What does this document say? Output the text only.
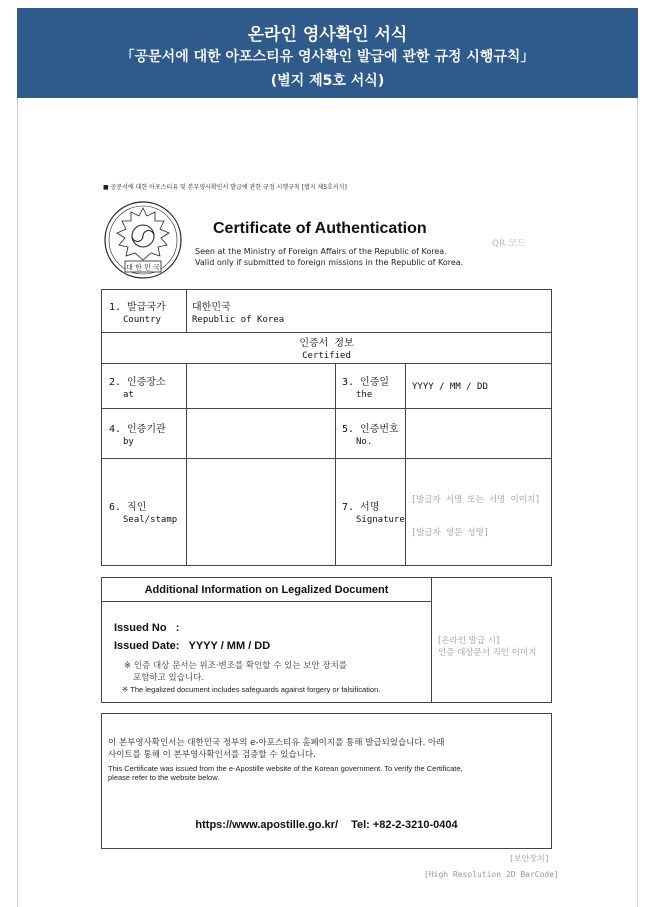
온라인 영사확인 서식
「공문서에 대한 아포스티유 영사확인 발급에 관한 규정 시행규칙」
(별지 제5호 서식)
■ 공문서에 대한 아포스티유 및 본부영사확인서 발급에 관한 규정 시행규칙 [별지 제5호서식]
대 한 민 국
Certificate of Authentication
Seen at the Ministry of Foreign Affairs of the Republic of Korea.
Valid only if submitted to foreign missions in the Republic of Korea.
QR 코드
1. 발급국가
Country
대한민국
Republic of Korea
인증서 정보
Certified
2. 인증장소
at
3. 인증일
the
YYYY / MM / DD
4. 인증기관
by
5. 인증번호
No.
6. 직인
Seal/stamp
7. 서명
Signature
[발급자 서명 또는 서명 이미지]
[발급자 영문 성명]
Additional Information on Legalized Document
Issued No   :
Issued Date: YYYY / MM / DD
※ 인증 대상 문서는 위조·변조를 확인할 수 있는 보안 장치를
포함하고 있습니다.
※ The legalized document includes safeguards against forgery or falsification.
[온라인 발급 시]
인증 대상문서 직인 이미지
이 본부영사확인서는 대한민국 정부의 e-아포스티유 홈페이지를 통해 발급되었습니다. 아래
사이트를 통해 이 본부영사확인서를 검증할 수 있습니다.
This Certificate was issued from the e-Apostille website of the Korean government. To verify the Certificate,
please refer to the website below.
https://www.apostille.go.kr/ Tel: +82-2-3210-0404
[보안장치]
[High Resolution 2D BarCode]
